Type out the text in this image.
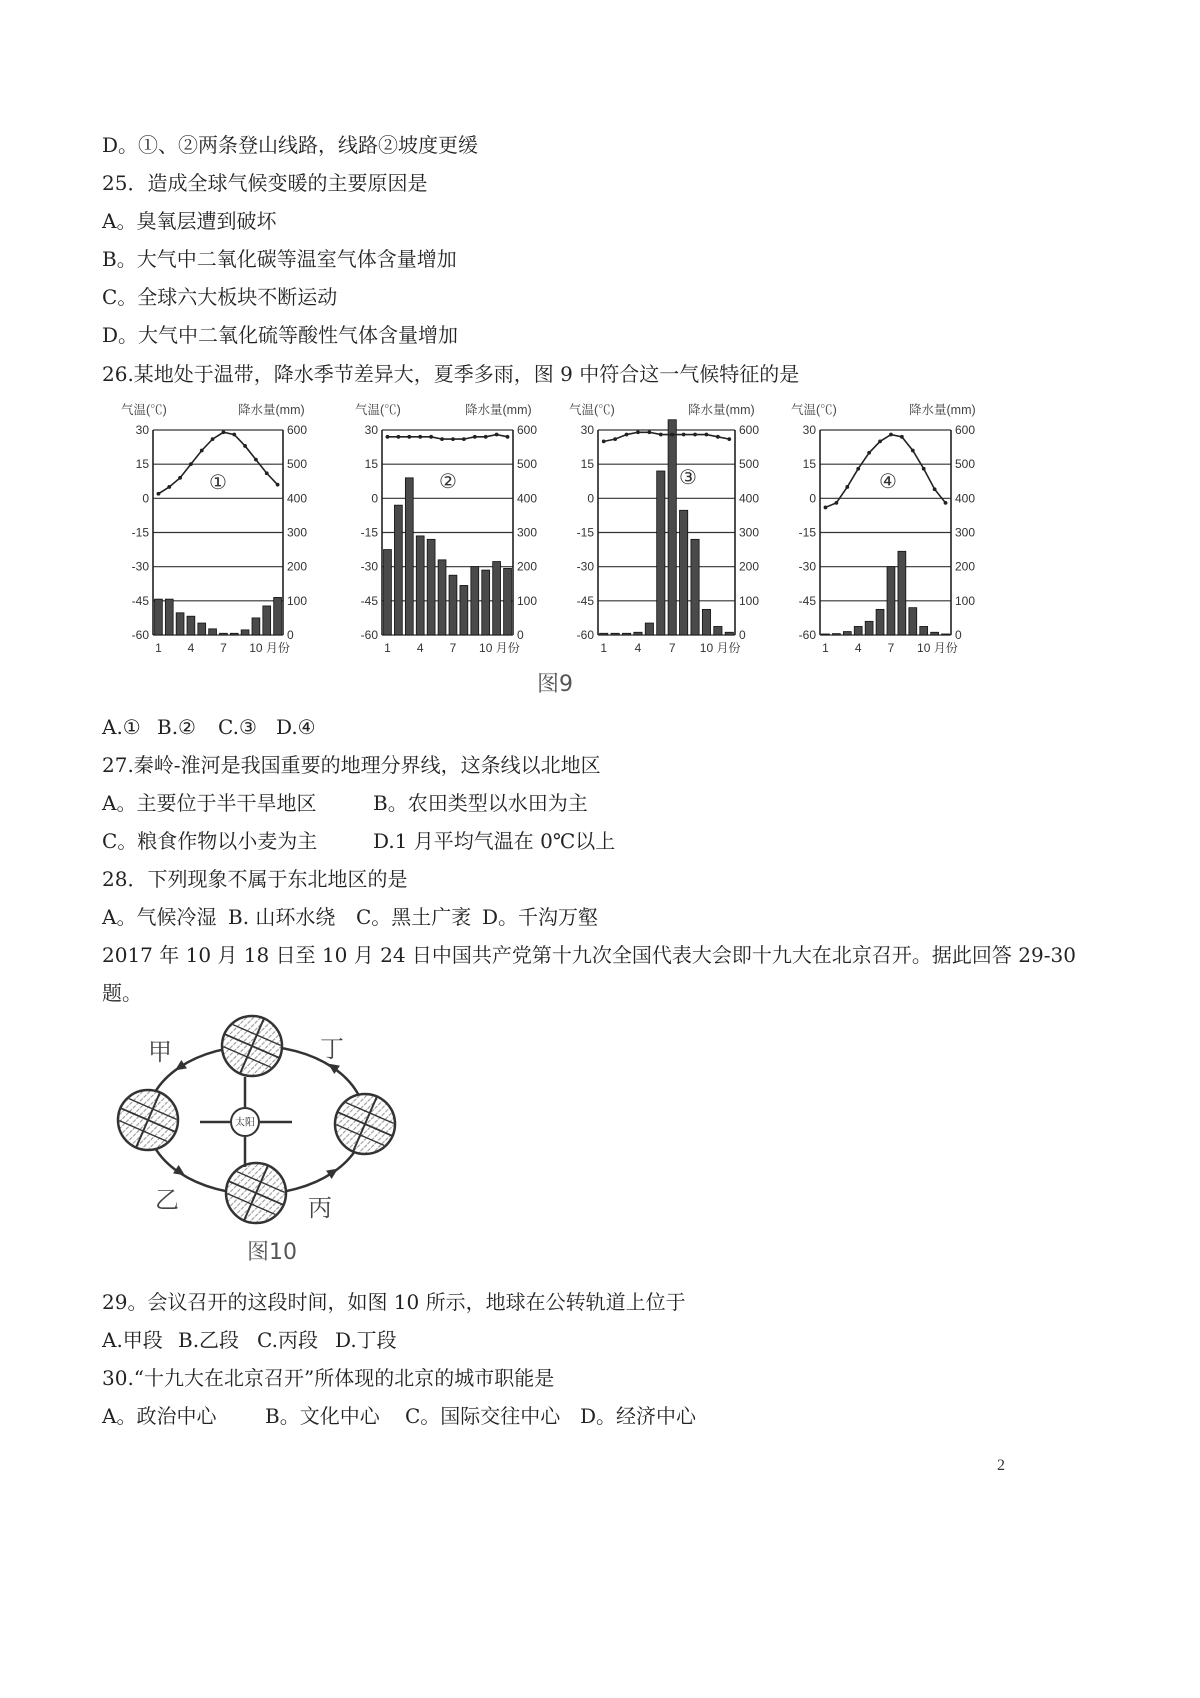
D。①、②两条登山线路，线路②坡度更缓
25．造成全球气候变暖的主要原因是
A。臭氧层遭到破坏
B。大气中二氧化碳等温室气体含量增加
C。全球六大板块不断运动
D。大气中二氧化硫等酸性气体含量增加
26.某地处于温带，降水季节差异大，夏季多雨，图 9 中符合这一气候特征的是
30
15
0
-15
-30
-45
-60
600
500
400
300
200
100
0
1 4 7 10 月份
气温(℃)	降水量(mm)
①
30
15
0
-15
-30
-45
-60
600
500
400
300
200
100
0
1 4 7 10 月份
气温(℃)	降水量(mm)
②
30
15
0
-15
-30
-45
-60
600
500
400
300
200
100
0
1 4 7 10 月份
气温(℃)	降水量(mm)
③
30
15
0
-15
-30
-45
-60
600
500
400
300
200
100
0
1 4 7 10 月份
气温(℃)	降水量(mm)
④
图9
A.① B.② C.③ D.④
27.秦岭-淮河是我国重要的地理分界线，这条线以北地区
A。主要位于半干旱地区	B。农田类型以水田为主
C。粮食作物以小麦为主	D.1 月平均气温在 0℃以上
28．下列现象不属于东北地区的是
A。气候冷湿 B. 山环水绕 C。黑土广袤 D。千沟万壑
2017 年 10 月 18 日至 10 月 24 日中国共产党第十九次全国代表大会即十九大在北京召开。据此回答 29-30
题。
太阳
甲	丁
乙	丙
图10
29。会议召开的这段时间，如图 10 所示，地球在公转轨道上位于
A.甲段 B.乙段 C.丙段 D.丁段
30.“十九大在北京召开”所体现的北京的城市职能是
A。政治中心 B。文化中心 C。国际交往中心 D。经济中心
2
